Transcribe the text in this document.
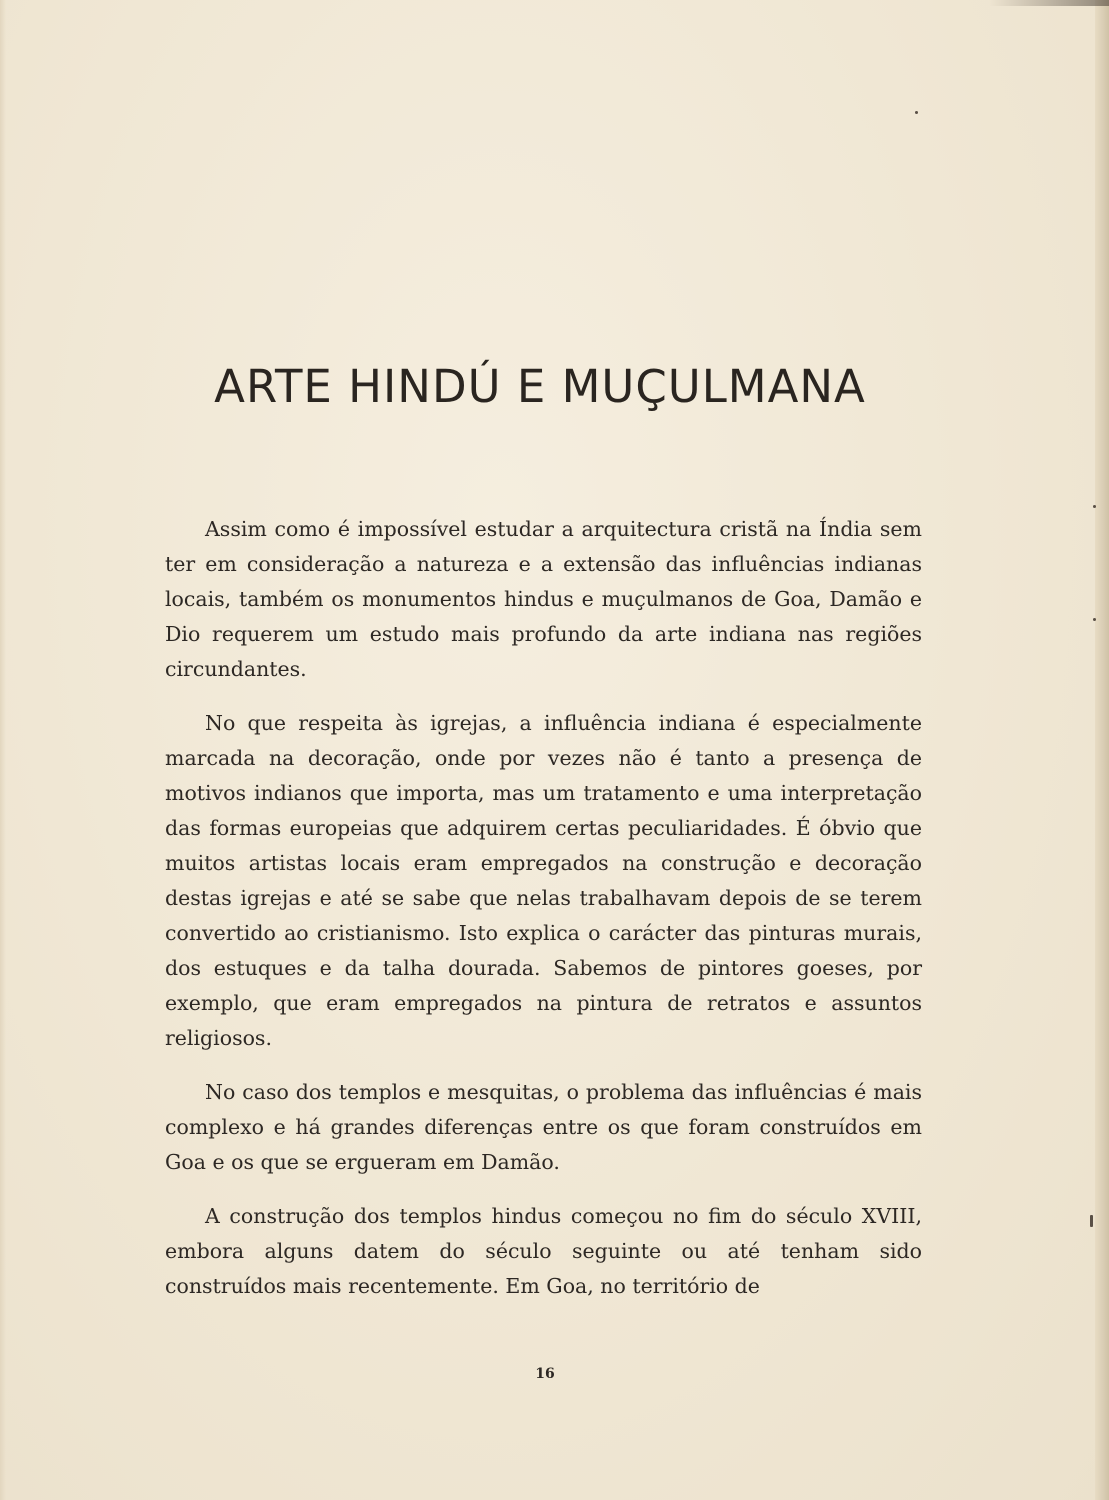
ARTE HINDÚ E MUÇULMANA

Assim como é impossível estudar a arquitectura cristã na Índia sem ter em consideração a natureza e a extensão das influências indianas locais, também os monumentos hindus e muçulmanos de Goa, Damão e Dio requerem um estudo mais profundo da arte indiana nas regiões circundantes.

No que respeita às igrejas, a influência indiana é especialmente marcada na decoração, onde por vezes não é tanto a presença de motivos indianos que importa, mas um tratamento e uma interpretação das formas europeias que adquirem certas peculiaridades. É óbvio que muitos artistas locais eram empregados na construção e decoração destas igrejas e até se sabe que nelas trabalhavam depois de se terem convertido ao cristianismo. Isto explica o carácter das pinturas murais, dos estuques e da talha dourada. Sabemos de pintores goeses, por exemplo, que eram empregados na pintura de retratos e assuntos religiosos.

No caso dos templos e mesquitas, o problema das influências é mais complexo e há grandes diferenças entre os que foram construídos em Goa e os que se ergueram em Damão.

A construção dos templos hindus começou no fim do século XVIII, embora alguns datem do século seguinte ou até tenham sido construídos mais recentemente. Em Goa, no território de

16
